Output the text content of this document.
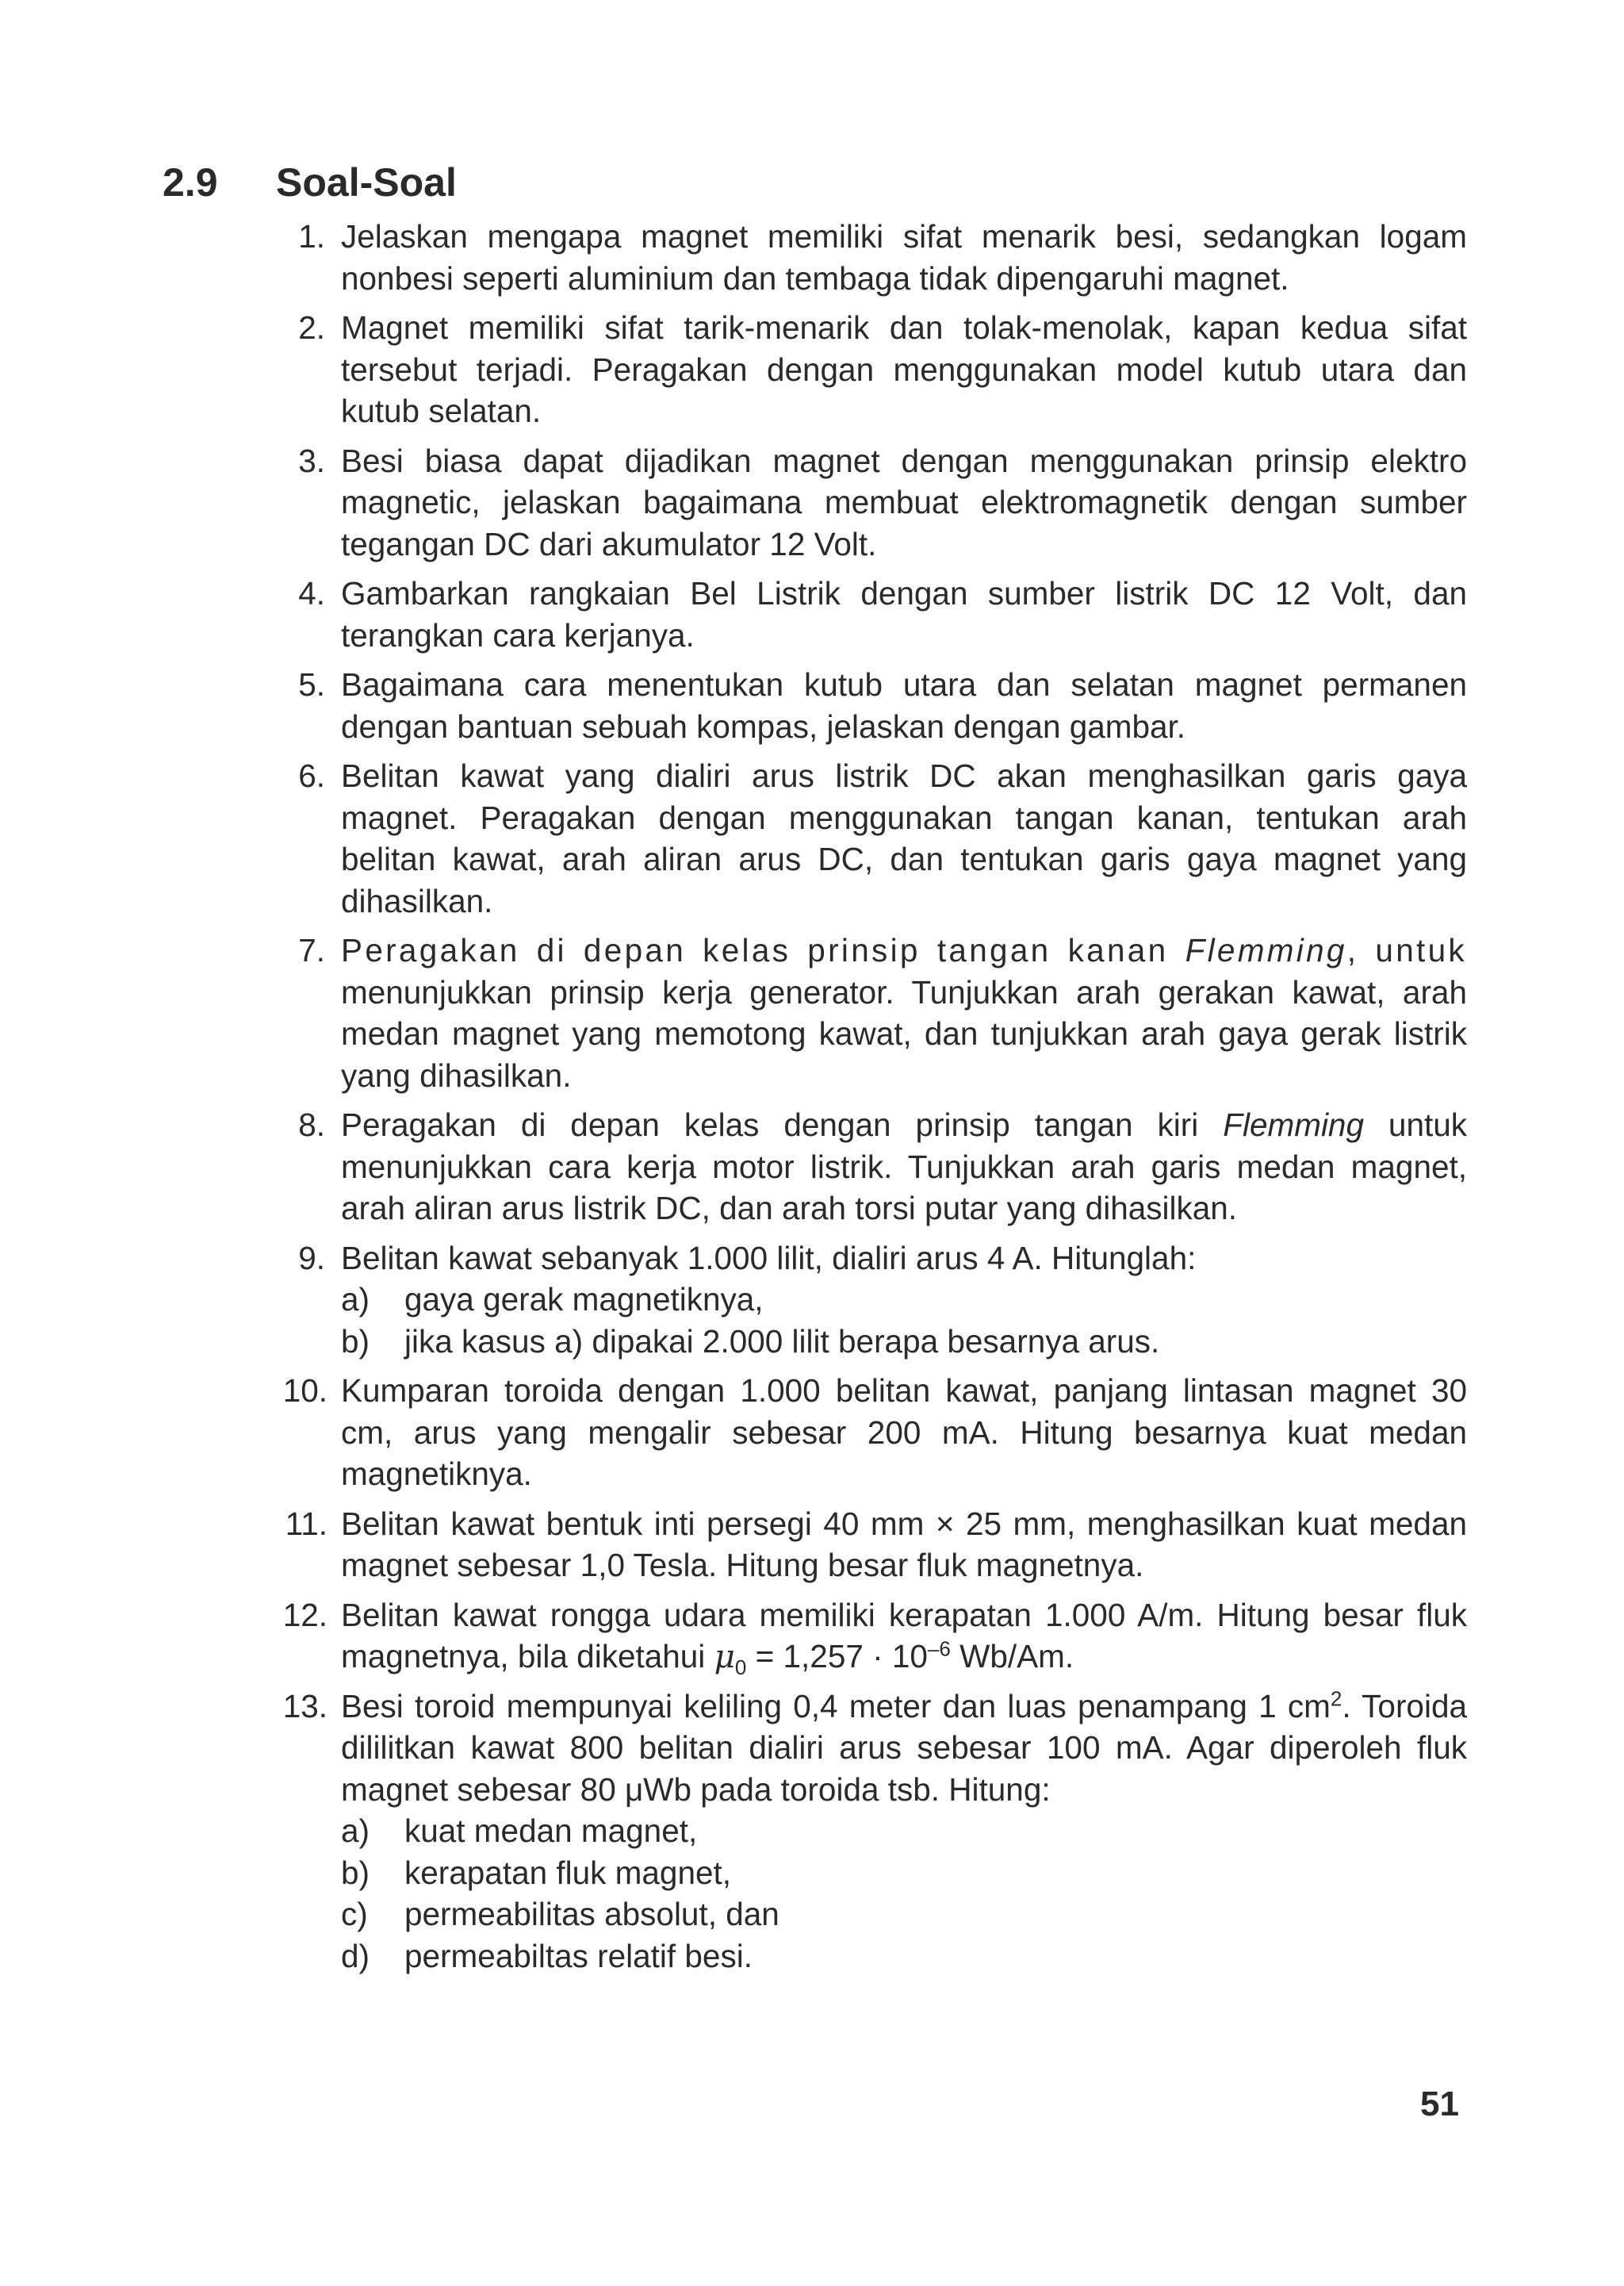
2.9 Soal-Soal
1. Jelaskan mengapa magnet memiliki sifat menarik besi, sedangkan logam nonbesi seperti aluminium dan tembaga tidak dipengaruhi magnet.
2. Magnet memiliki sifat tarik-menarik dan tolak-menolak, kapan kedua sifat tersebut terjadi. Peragakan dengan menggunakan model kutub utara dan kutub selatan.
3. Besi biasa dapat dijadikan magnet dengan menggunakan prinsip elektro magnetic, jelaskan bagaimana membuat elektromagnetik dengan sumber tegangan DC dari akumulator 12 Volt.
4. Gambarkan rangkaian Bel Listrik dengan sumber listrik DC 12 Volt, dan terangkan cara kerjanya.
5. Bagaimana cara menentukan kutub utara dan selatan magnet permanen dengan bantuan sebuah kompas, jelaskan dengan gambar.
6. Belitan kawat yang dialiri arus listrik DC akan menghasilkan garis gaya magnet. Peragakan dengan menggunakan tangan kanan, tentukan arah belitan kawat, arah aliran arus DC, dan tentukan garis gaya magnet yang dihasilkan.
7. Peragakan di depan kelas prinsip tangan kanan Flemming, untuk menunjukkan prinsip kerja generator. Tunjukkan arah gerakan kawat, arah medan magnet yang memotong kawat, dan tunjukkan arah gaya gerak listrik yang dihasilkan.
8. Peragakan di depan kelas dengan prinsip tangan kiri Flemming untuk menunjukkan cara kerja motor listrik. Tunjukkan arah garis medan magnet, arah aliran arus listrik DC, dan arah torsi putar yang dihasilkan.
9. Belitan kawat sebanyak 1.000 lilit, dialiri arus 4 A. Hitunglah:
a) gaya gerak magnetiknya,
b) jika kasus a) dipakai 2.000 lilit berapa besarnya arus.
10. Kumparan toroida dengan 1.000 belitan kawat, panjang lintasan magnet 30 cm, arus yang mengalir sebesar 200 mA. Hitung besarnya kuat medan magnetiknya.
11. Belitan kawat bentuk inti persegi 40 mm × 25 mm, menghasilkan kuat medan magnet sebesar 1,0 Tesla. Hitung besar fluk magnetnya.
12. Belitan kawat rongga udara memiliki kerapatan 1.000 A/m. Hitung besar fluk magnetnya, bila diketahui $\mu_0 = 1,257 \cdot 10^{-6}$ Wb/Am.
13. Besi toroid mempunyai keliling 0,4 meter dan luas penampang 1 $cm^2$. Toroida dililitkan kawat 800 belitan dialiri arus sebesar 100 mA. Agar diperoleh fluk magnet sebesar 80 μWb pada toroida tsb. Hitung:
a) kuat medan magnet,
b) kerapatan fluk magnet,
c) permeabilitas absolut, dan
d) permeabiltas relatif besi.
51
